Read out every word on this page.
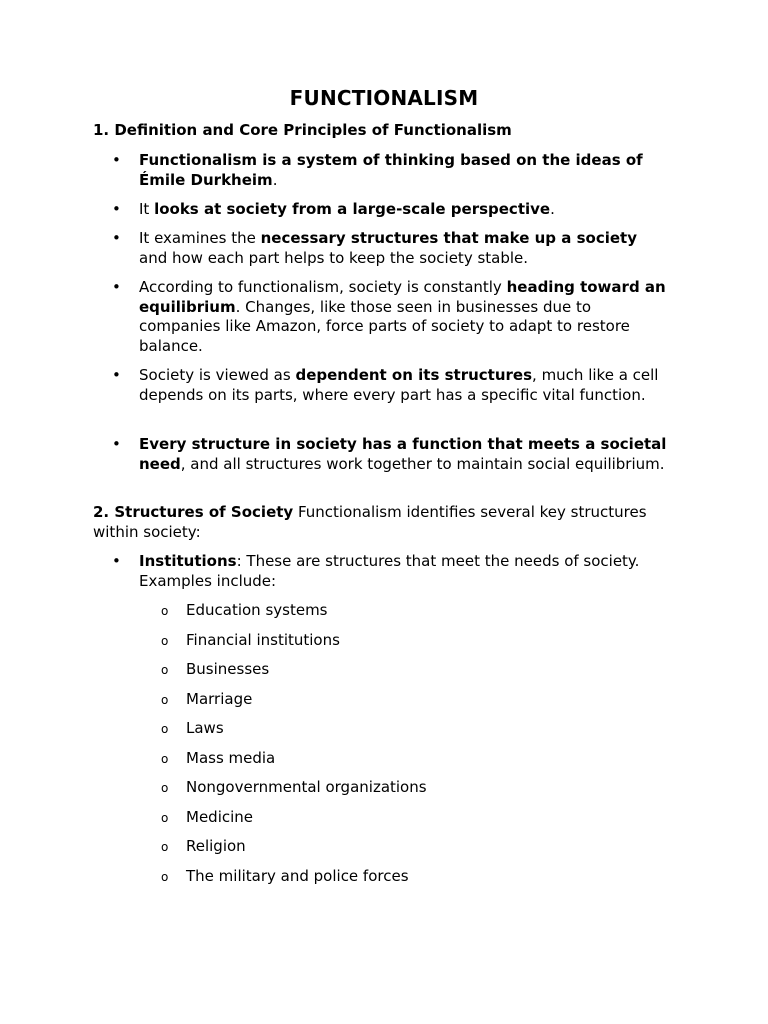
FUNCTIONALISM
1. Definition and Core Principles of Functionalism
•	Functionalism is a system of thinking based on the ideas of Émile Durkheim.
•	It looks at society from a large-scale perspective.
•	It examines the necessary structures that make up a society and how each part helps to keep the society stable.
•	According to functionalism, society is constantly heading toward an equilibrium. Changes, like those seen in businesses due to companies like Amazon, force parts of society to adapt to restore balance.
•	Society is viewed as dependent on its structures, much like a cell depends on its parts, where every part has a specific vital function.
•	Every structure in society has a function that meets a societal need, and all structures work together to maintain social equilibrium.
2. Structures of Society Functionalism identifies several key structures within society:
•	Institutions: These are structures that meet the needs of society. Examples include:
o Education systems
o Financial institutions
o Businesses
o Marriage
o Laws
o Mass media
o Nongovernmental organizations
o Medicine
o Religion
o The military and police forces
